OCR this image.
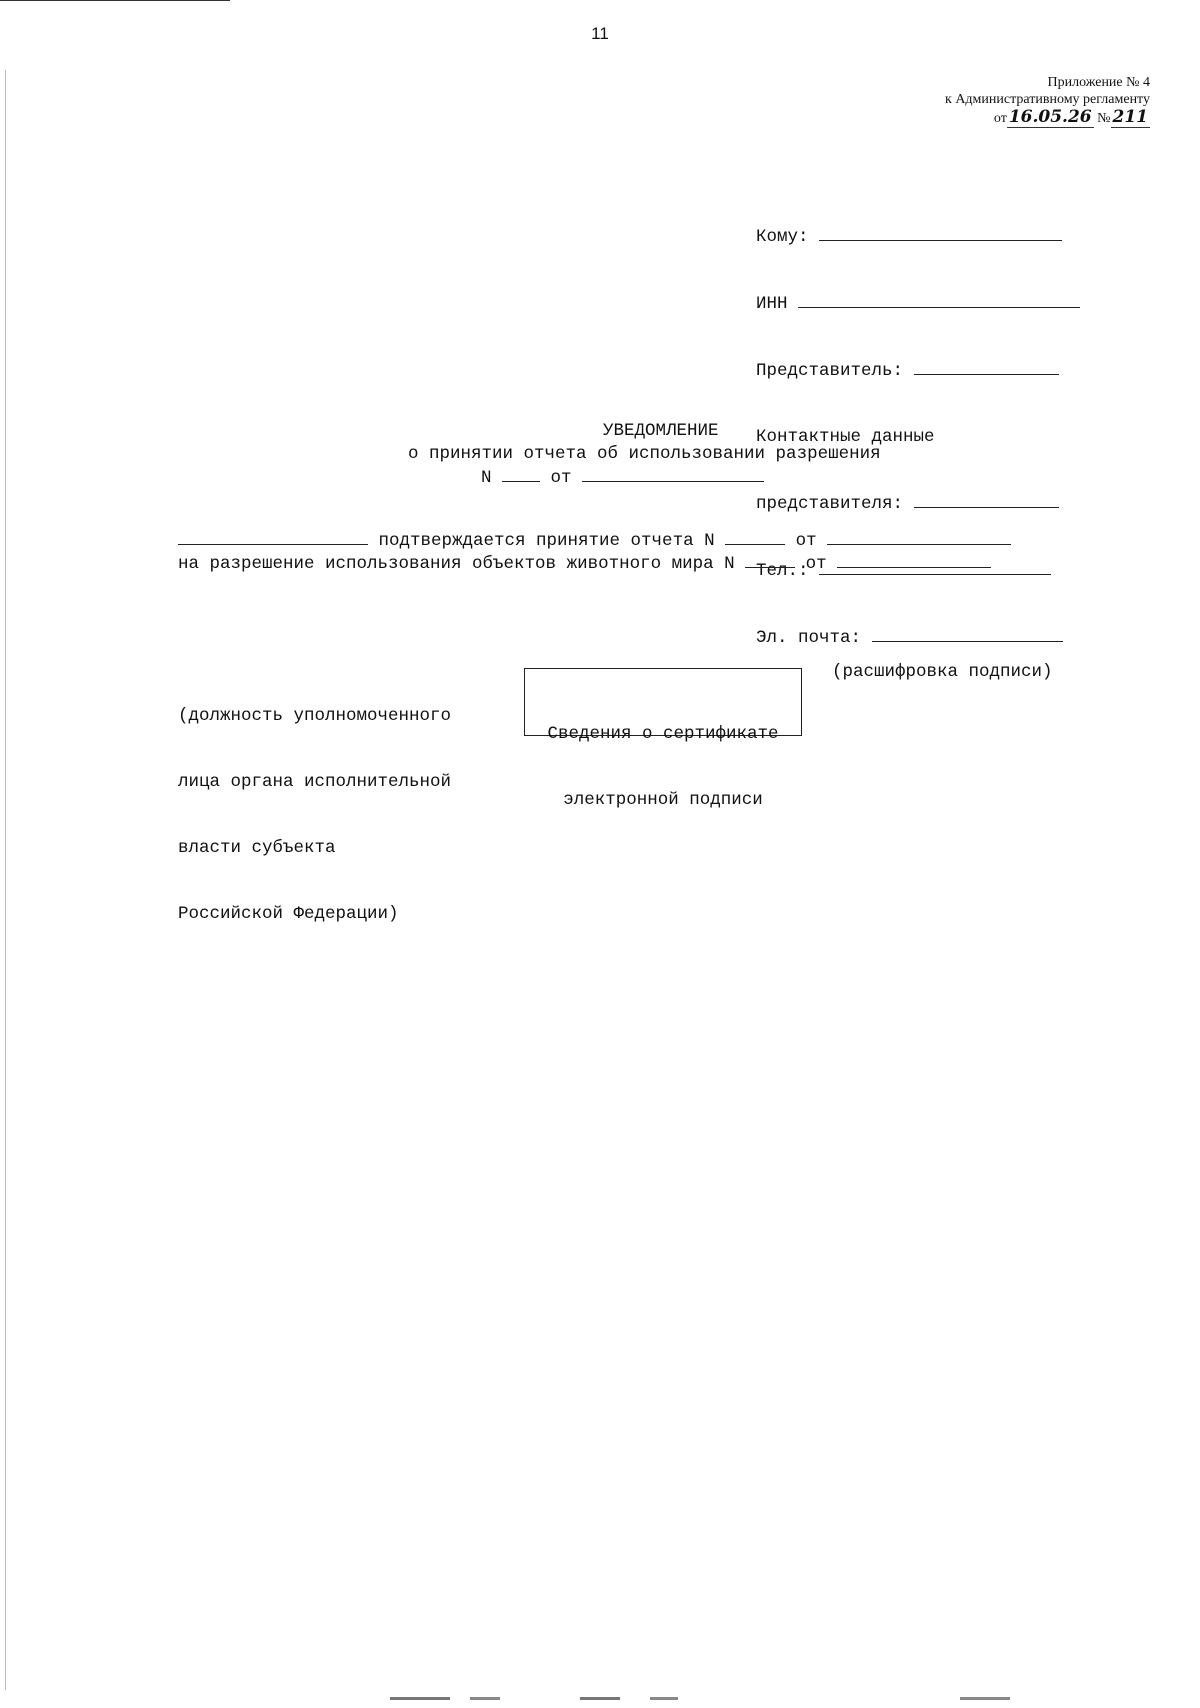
11
Приложение № 4
к Административному регламенту
от 16.05.26 № 211

Кому:

ИНН

Представитель:

Контактные данные

представителя:

Тел.:

Эл. почта:

УВЕДОМЛЕНИЕ
о принятии отчета об использовании разрешения
N	от
подтверждается принятие отчета N	от
на разрешение использования объектов животного мира N	от

(должность уполномоченного

лица органа исполнительной

власти субъекта

Российской Федерации)

Сведения о сертификате

электронной подписи

(расшифровка подписи)
